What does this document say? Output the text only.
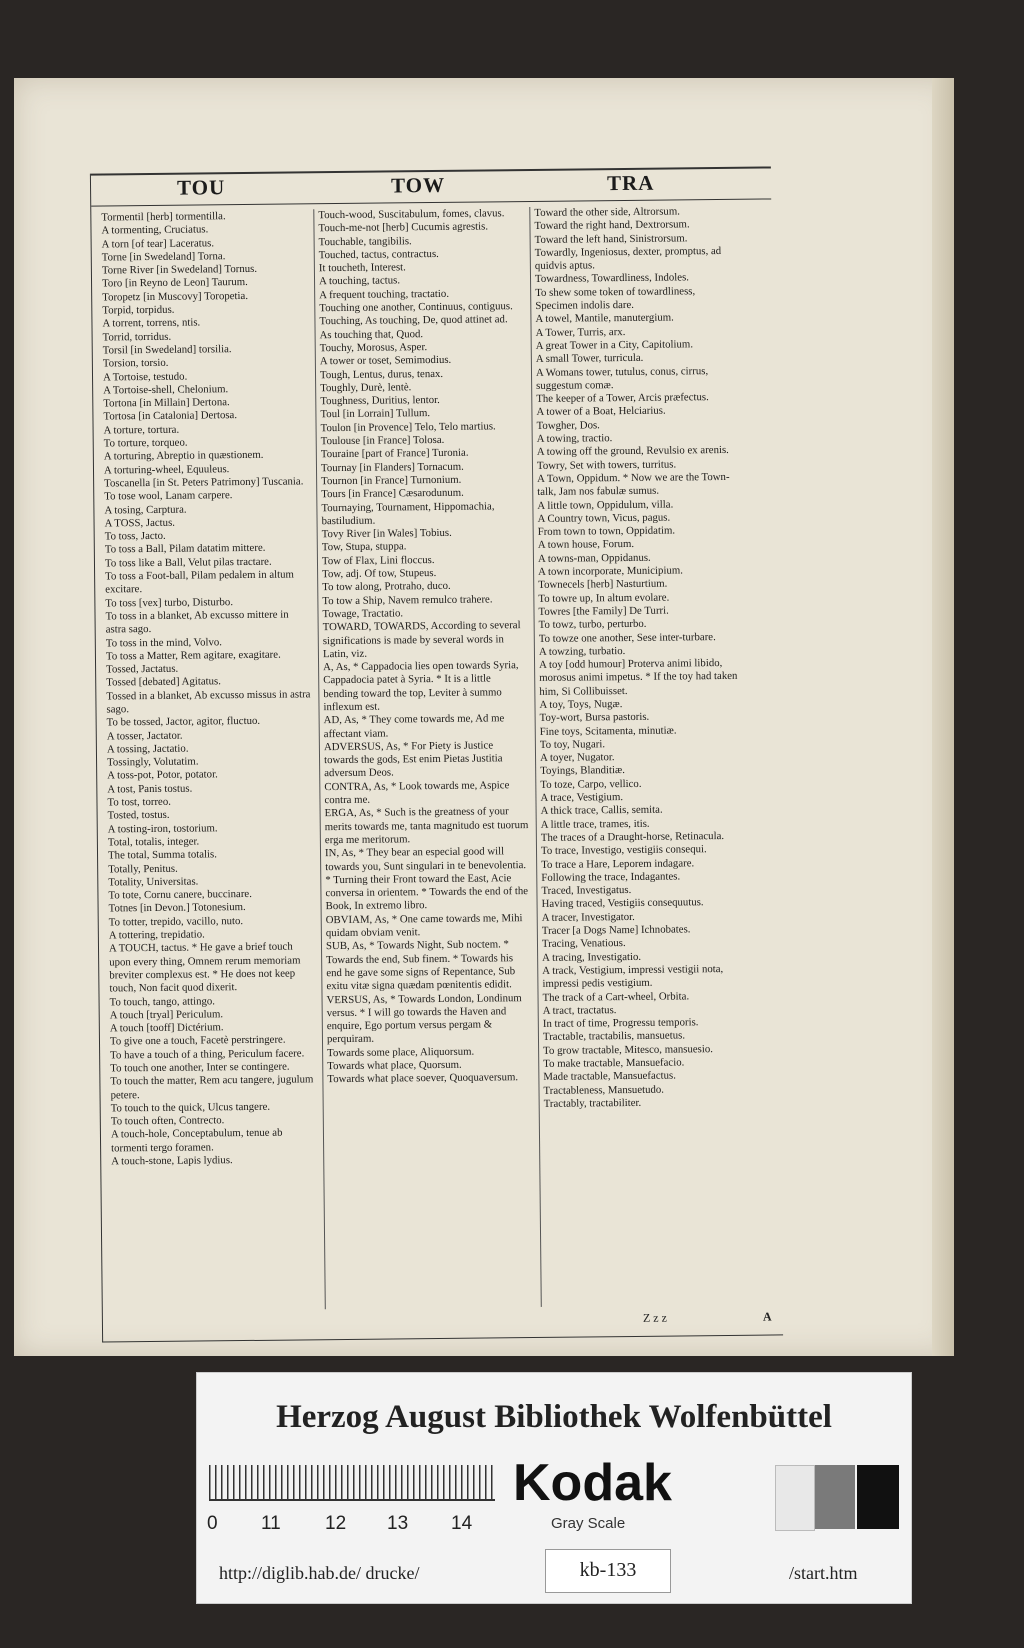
TOU	TOW	TRA

Tormentil [herb] tormentilla.

A tormenting, Cruciatus.

A torn [of tear] Laceratus.

Torne [in Swedeland] Torna.

Torne River [in Swedeland] Tornus.

Toro [in Reyno de Leon] Taurum.

Toropetz [in Muscovy] Toropetia.

Torpid, torpidus.

A torrent, torrens, ntis.

Torrid, torridus.

Torsil [in Swedeland] torsilia.

Torsion, torsio.

A Tortoise, testudo.

A Tortoise-shell, Chelonium.

Tortona [in Millain] Dertona.

Tortosa [in Catalonia] Dertosa.

A torture, tortura.

To torture, torqueo.

A torturing, Abreptio in quæstionem.

A torturing-wheel, Equuleus.

Toscanella [in St. Peters Patrimony] Tuscania.

To tose wool, Lanam carpere.

A tosing, Carptura.

A TOSS, Jactus.

To toss, Jacto.

To toss a Ball, Pilam datatim mittere.

To toss like a Ball, Velut pilas tractare.

To toss a Foot-ball, Pilam pedalem in altum excitare.

To toss [vex] turbo, Disturbo.

To toss in a blanket, Ab excusso mittere in astra sago.

To toss in the mind, Volvo.

To toss a Matter, Rem agitare, exagitare.

Tossed, Jactatus.

Tossed [debated] Agitatus.

Tossed in a blanket, Ab excusso missus in astra sago.

To be tossed, Jactor, agitor, fluctuo.

A tosser, Jactator.

A tossing, Jactatio.

Tossingly, Volutatim.

A toss-pot, Potor, potator.

A tost, Panis tostus.

To tost, torreo.

Tosted, tostus.

A tosting-iron, tostorium.

Total, totalis, integer.

The total, Summa totalis.

Totally, Penitus.

Totality, Universitas.

To tote, Cornu canere, buccinare.

Totnes [in Devon.] Totonesium.

To totter, trepido, vacillo, nuto.

A tottering, trepidatio.

A TOUCH, tactus. * He gave a brief touch upon every thing, Omnem rerum memoriam breviter complexus est. * He does not keep touch, Non facit quod dixerit.

To touch, tango, attingo.

A touch [tryal] Periculum.

A touch [tooff] Dictérium.

To give one a touch, Facetè perstringere.

To have a touch of a thing, Periculum facere.

To touch one another, Inter se contingere.

To touch the matter, Rem acu tangere, jugulum petere.

To touch to the quick, Ulcus tangere.

To touch often, Contrecto.

A touch-hole, Conceptabulum, tenue ab tormenti tergo foramen.

A touch-stone, Lapis lydius.

Touch-wood, Suscitabulum, fomes, clavus.

Touch-me-not [herb] Cucumis agrestis.

Touchable, tangibilis.

Touched, tactus, contractus.

It toucheth, Interest.

A touching, tactus.

A frequent touching, tractatio.

Touching one another, Continuus, contiguus.

Touching, As touching, De, quod attinet ad.

As touching that, Quod.

Touchy, Morosus, Asper.

A tower or toset, Semimodius.

Tough, Lentus, durus, tenax.

Toughly, Durè, lentè.

Toughness, Duritius, lentor.

Toul [in Lorrain] Tullum.

Toulon [in Provence] Telo, Telo martius.

Toulouse [in France] Tolosa.

Touraine [part of France] Turonia.

Tournay [in Flanders] Tornacum.

Tournon [in France] Turnonium.

Tours [in France] Cæsarodunum.

Tournaying, Tournament, Hippomachia, bastiludium.

Tovy River [in Wales] Tobius.

Tow, Stupa, stuppa.

Tow of Flax, Lini floccus.

Tow, adj. Of tow, Stupeus.

To tow along, Protraho, duco.

To tow a Ship, Navem remulco trahere.

Towage, Tractatio.

TOWARD, TOWARDS, According to several significations is made by several words in Latin, viz.

A, As, * Cappadocia lies open towards Syria, Cappadocia patet à Syria. * It is a little bending toward the top, Leviter à summo inflexum est.

AD, As, * They come towards me, Ad me affectant viam.

ADVERSUS, As, * For Piety is Justice towards the gods, Est enim Pietas Justitia adversum Deos.

CONTRA, As, * Look towards me, Aspice contra me.

ERGA, As, * Such is the greatness of your merits towards me, tanta magnitudo est tuorum erga me meritorum.

IN, As, * They bear an especial good will towards you, Sunt singulari in te benevolentia. * Turning their Front toward the East, Acie conversa in orientem. * Towards the end of the Book, In extremo libro.

OBVIAM, As, * One came towards me, Mihi quidam obviam venit.

SUB, As, * Towards Night, Sub noctem. * Towards the end, Sub finem. * Towards his end he gave some signs of Repentance, Sub exitu vitæ signa quædam pœnitentis edidit.

VERSUS, As, * Towards London, Londinum versus. * I will go towards the Haven and enquire, Ego portum versus pergam & perquiram.

Towards some place, Aliquorsum.

Towards what place, Quorsum.

Towards what place soever, Quoquaversum.

Toward the other side, Altrorsum.

Toward the right hand, Dextrorsum.

Toward the left hand, Sinistrorsum.

Towardly, Ingeniosus, dexter, promptus, ad quidvis aptus.

Towardness, Towardliness, Indoles.

To shew some token of towardliness, Specimen indolis dare.

A towel, Mantile, manutergium.

A Tower, Turris, arx.

A great Tower in a City, Capitolium.

A small Tower, turricula.

A Womans tower, tutulus, conus, cirrus, suggestum comæ.

The keeper of a Tower, Arcis præfectus.

A tower of a Boat, Helciarius.

Towgher, Dos.

A towing, tractio.

A towing off the ground, Revulsio ex arenis.

Towry, Set with towers, turritus.

A Town, Oppidum. * Now we are the Town-talk, Jam nos fabulæ sumus.

A little town, Oppidulum, villa.

A Country town, Vicus, pagus.

From town to town, Oppidatim.

A town house, Forum.

A towns-man, Oppidanus.

A town incorporate, Municipium.

Townecels [herb] Nasturtium.

To towre up, In altum evolare.

Towres [the Family] De Turri.

To towz, turbo, perturbo.

To towze one another, Sese inter-turbare.

A towzing, turbatio.

A toy [odd humour] Proterva animi libido, morosus animi impetus. * If the toy had taken him, Si Collibuisset.

A toy, Toys, Nugæ.

Toy-wort, Bursa pastoris.

Fine toys, Scitamenta, minutiæ.

To toy, Nugari.

A toyer, Nugator.

Toyings, Blanditiæ.

To toze, Carpo, vellico.

A trace, Vestigium.

A thick trace, Callis, semita.

A little trace, trames, itis.

The traces of a Draught-horse, Retinacula.

To trace, Investigo, vestigiis consequi.

To trace a Hare, Leporem indagare.

Following the trace, Indagantes.

Traced, Investigatus.

Having traced, Vestigiis consequutus.

A tracer, Investigator.

Tracer [a Dogs Name] Ichnobates.

Tracing, Venatious.

A tracing, Investigatio.

A track, Vestigium, impressi vestigii nota, impressi pedis vestigium.

The track of a Cart-wheel, Orbita.

A tract, tractatus.

In tract of time, Progressu temporis.

Tractable, tractabilis, mansuetus.

To grow tractable, Mitesco, mansuesio.

To make tractable, Mansuefacio.

Made tractable, Mansuefactus.

Tractableness, Mansuetudo.

Tractably, tractabiliter.

Z z z	A
Herzog August Bibliothek Wolfenbüttel
0 11 12 13 14
Kodak
Gray Scale
http://diglib.hab.de/ drucke/	kb-133	/start.htm
